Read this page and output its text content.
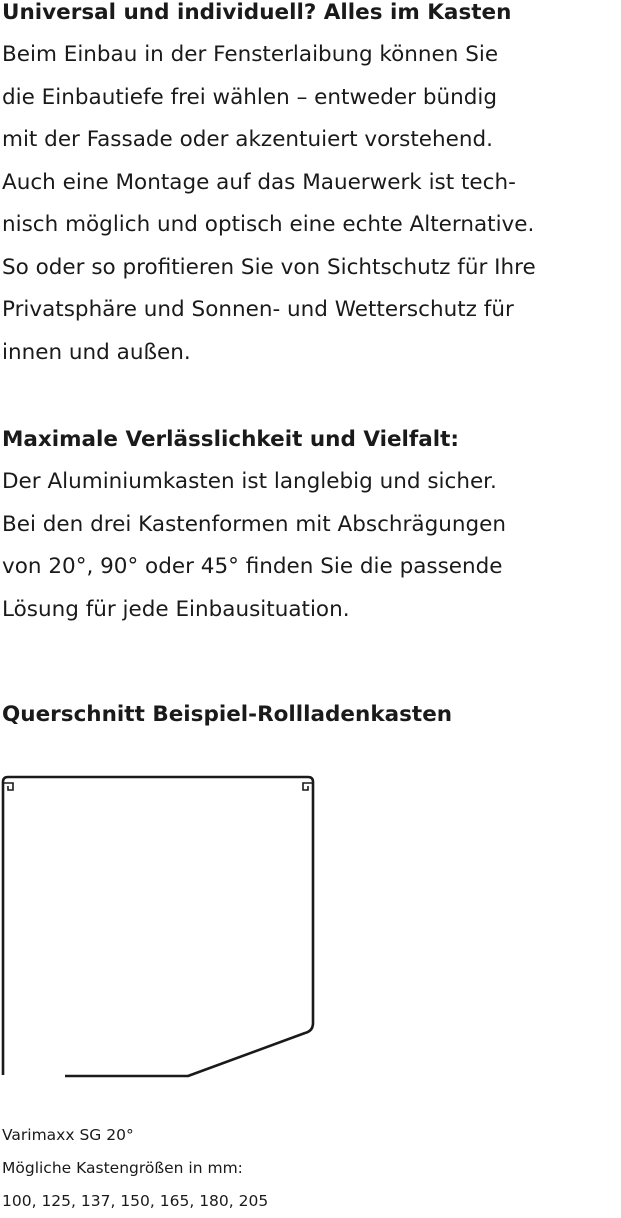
Universal und individuell? Alles im Kasten
Beim Einbau in der Fensterlaibung können Sie
die Einbautiefe frei wählen – entweder bündig
mit der Fassade oder akzentuiert vorstehend.
Auch eine Montage auf das Mauerwerk ist tech-
nisch möglich und optisch eine echte Alternative.
So oder so profitieren Sie von Sichtschutz für Ihre
Privatsphäre und Sonnen- und Wetterschutz für
innen und außen.
Maximale Verlässlichkeit und Vielfalt:
Der Aluminiumkasten ist langlebig und sicher.
Bei den drei Kastenformen mit Abschrägungen
von 20°, 90° oder 45° finden Sie die passende
Lösung für jede Einbausituation.
Querschnitt Beispiel-Rollladenkasten
Varimaxx SG 20°
Mögliche Kastengrößen in mm:
100, 125, 137, 150, 165, 180, 205
